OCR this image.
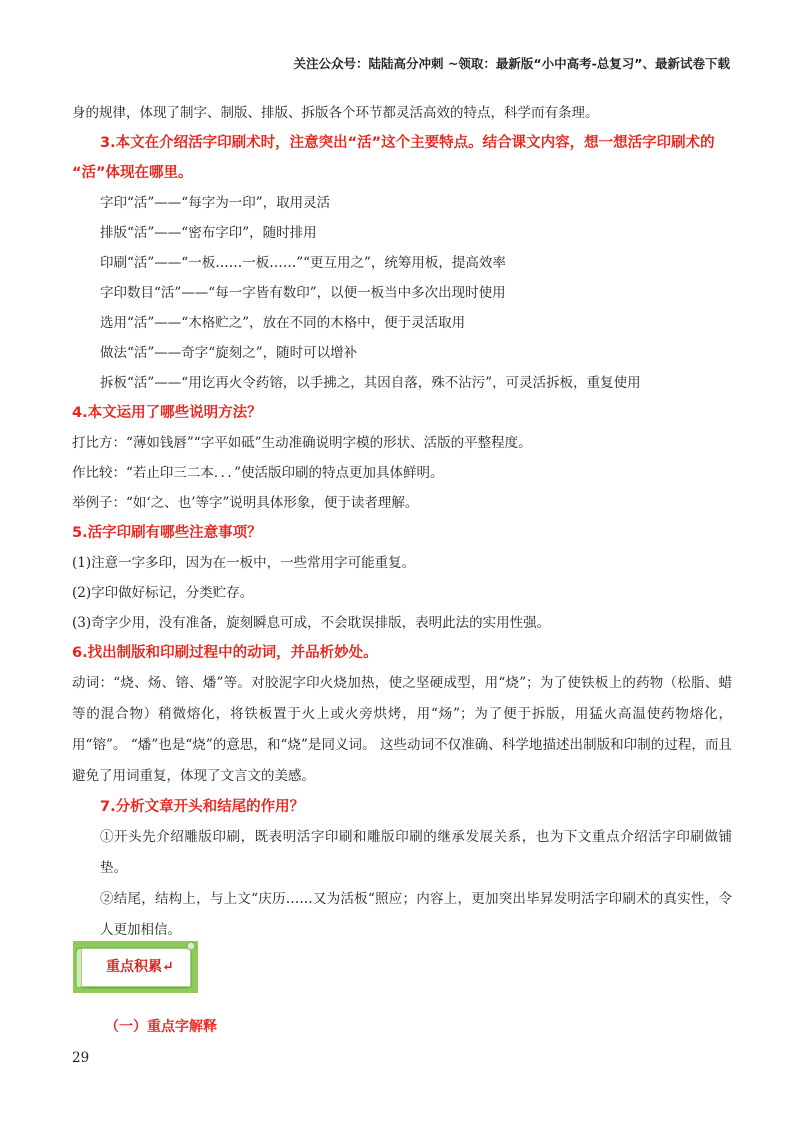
关注公众号：陆陆高分冲刺 ~领取：最新版“小中高考-总复习”、最新试卷下载

身的规律，体现了制字、制版、排版、拆版各个环节都灵活高效的特点，科学而有条理。

3.本文在介绍活字印刷术时，注意突出“活”这个主要特点。结合课文内容，想一想活字印刷术的

“活”体现在哪里。

字印“活”——“每字为一印”，取用灵活

排版“活”——“密布字印”，随时排用

印刷“活”——“一板……一板……”“更互用之”，统筹用板，提高效率

字印数目“活”——“每一字皆有数印”，以便一板当中多次出现时使用

选用“活”——“木格贮之”，放在不同的木格中，便于灵活取用

做法“活”——奇字“旋刻之”，随时可以增补

拆板“活”——“用讫再火令药镕，以手拂之，其因自落，殊不沾污”，可灵活拆板，重复使用

4.本文运用了哪些说明方法？

打比方：“薄如钱唇”“字平如砥”生动准确说明字模的形状、活版的平整程度。

作比较：“若止印三二本．．．”使活版印刷的特点更加具体鲜明。

举例子：“如‘之、也’等字”说明具体形象，便于读者理解。

5.活字印刷有哪些注意事项？

(1)注意一字多印，因为在一板中，一些常用字可能重复。

(2)字印做好标记，分类贮存。

(3)奇字少用，没有准备，旋刻瞬息可成，不会耽误排版，表明此法的实用性强。

6.找出制版和印刷过程中的动词，并品析妙处。

动词：“烧、炀、镕、燔”等。对胶泥字印火烧加热，使之坚硬成型，用“烧”；为了使铁板上的药物（松脂、蜡等的混合物）稍微熔化，将铁板置于火上或火旁烘烤，用“炀”；为了便于拆版，用猛火高温使药物熔化，用“镕”。 “燔”也是“烧”的意思，和“烧”是同义词。 这些动词不仅准确、科学地描述出制版和印制的过程，而且避免了用词重复，体现了文言文的美感。

7.分析文章开头和结尾的作用？

①开头先介绍雕版印刷，既表明活字印刷和雕版印刷的继承发展关系，也为下文重点介绍活字印刷做铺垫。

②结尾，结构上，与上文“庆历……又为活板“照应；内容上，更加突出毕昇发明活字印刷术的真实性，令人更加相信。

重点积累↵
（一）重点字解释
29
